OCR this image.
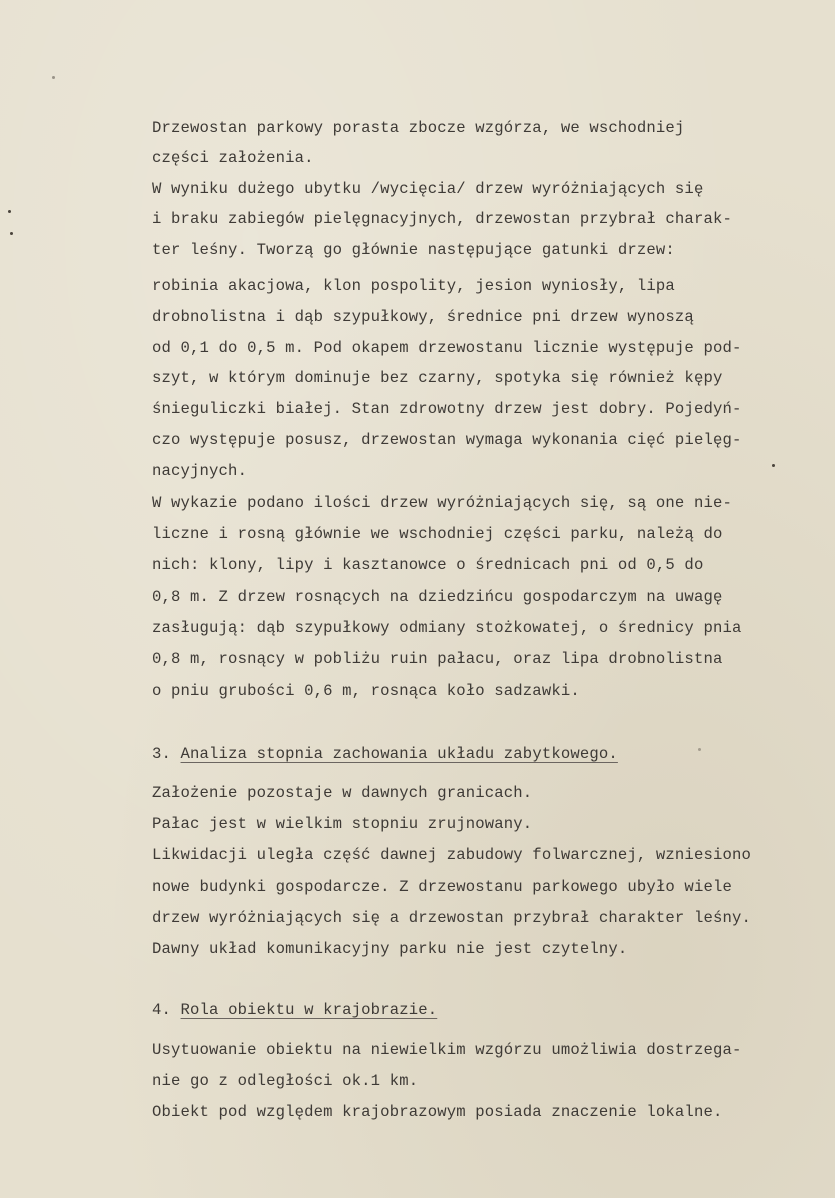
Drzewostan parkowy porasta zbocze wzgórza, we wschodniej
części założenia.
W wyniku dużego ubytku /wycięcia/ drzew wyróżniających się
i braku zabiegów pielęgnacyjnych, drzewostan przybrał charak-
ter leśny. Tworzą go głównie następujące gatunki drzew:
robinia akacjowa, klon pospolity, jesion wyniosły, lipa
drobnolistna i dąb szypułkowy, średnice pni drzew wynoszą
od 0,1 do 0,5 m. Pod okapem drzewostanu licznie występuje pod-
szyt, w którym dominuje bez czarny, spotyka się również kępy
śnieguliczki białej. Stan zdrowotny drzew jest dobry. Pojedyń-
czo występuje posusz, drzewostan wymaga wykonania cięć pielęg-
nacyjnych.
W wykazie podano ilości drzew wyróżniających się, są one nie-
liczne i rosną głównie we wschodniej części parku, należą do
nich: klony, lipy i kasztanowce o średnicach pni od 0,5 do
0,8 m. Z drzew rosnących na dziedzińcu gospodarczym na uwagę
zasługują: dąb szypułkowy odmiany stożkowatej, o średnicy pnia
0,8 m, rosnący w pobliżu ruin pałacu, oraz lipa drobnolistna
o pniu grubości 0,6 m, rosnąca koło sadzawki.
3. Analiza stopnia zachowania układu zabytkowego.
Założenie pozostaje w dawnych granicach.
Pałac jest w wielkim stopniu zrujnowany.
Likwidacji uległa część dawnej zabudowy folwarcznej, wzniesiono
nowe budynki gospodarcze. Z drzewostanu parkowego ubyło wiele
drzew wyróżniających się a drzewostan przybrał charakter leśny.
Dawny układ komunikacyjny parku nie jest czytelny.
4. Rola obiektu w krajobrazie.
Usytuowanie obiektu na niewielkim wzgórzu umożliwia dostrzega-
nie go z odległości ok.1 km.
Obiekt pod względem krajobrazowym posiada znaczenie lokalne.
